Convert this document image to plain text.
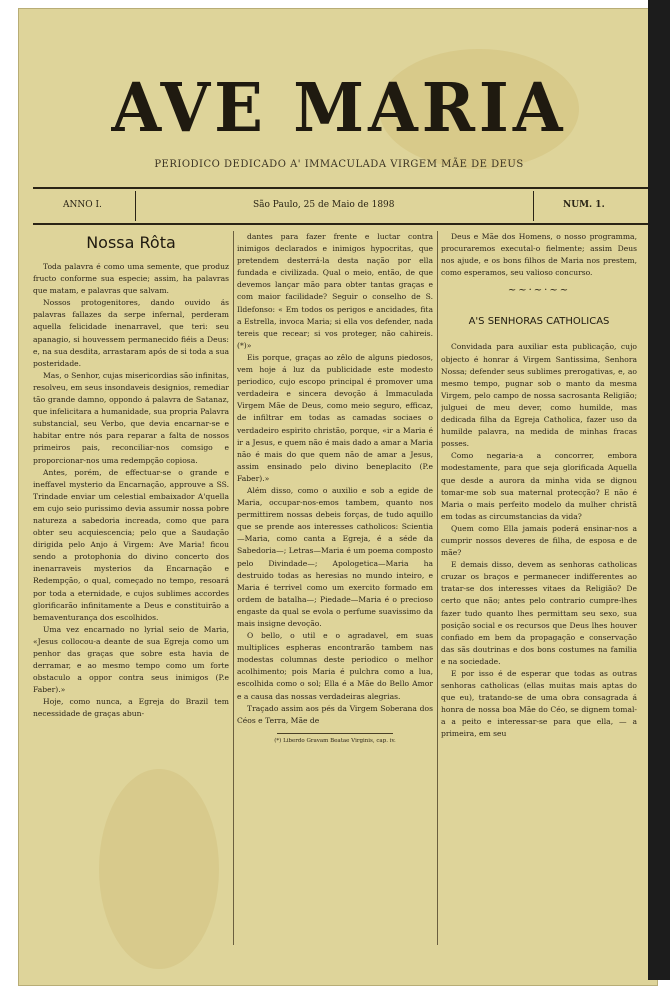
AVE MARIA
PERIODICO DEDICADO A' IMMACULADA VIRGEM MÃE DE DEUS
ANNO I.	São Paulo, 25 de Maio de 1898	NUM. 1.
Nossa Rôta

Toda palavra é como uma semente, que produz fructo conforme sua especie; assim, ha palavras que matam, e palavras que salvam.

Nossos protogenitores, dando ouvido ás palavras fallazes da serpe infernal, perderam aquella felicidade inenarravel, que teri: seu apanagio, si houvessem permanecido fiéis a Deus: e, na sua desdita, arrastaram após de si toda a sua posteridade.

Mas, o Senhor, cujas misericordias são infinitas, resolveu, em seus insondaveis designios, remediar tão grande damno, oppondo á palavra de Satanaz, que infelicitara a humanidade, sua propria Palavra substancial, seu Verbo, que devia encarnar-se e habitar entre nós para reparar a falta de nossos primeiros pais, reconciliar-nos comsigo e proporcionar-nos uma redempção copiosa.

Antes, porém, de effectuar-se o grande e ineffavel mysterio da Encarnação, approuve a SS. Trindade enviar um celestial embaixador A'quella em cujo seio purissimo devia assumir nossa pobre natureza a sabedoria increada, como que para obter seu acquiescencia; pelo que a Saudação dirigida pelo Anjo á Virgem: Ave Maria! ficou sendo a protophonia do divino concerto dos inenarraveis mysterios da Encarnação e Redempção, o qual, começado no tempo, resoará por toda a eternidade, e cujos sublimes accordes glorificarão infinitamente a Deus e constituirão a bemaventurança dos escolhidos.

Uma vez encarnado no lyrial seio de Maria, «Jesus collocou-a deante de sua Egreja como um penhor das graças que sobre esta havia de derramar, e ao mesmo tempo como um forte obstaculo a oppor contra seus inimigos (P.e Faber).»

Hoje, como nunca, a Egreja do Brazil tem necessidade de graças abun-

dantes para fazer frente e luctar contra inimigos declarados e inimigos hypocritas, que pretendem desterrá-la desta nação por ella fundada e civilizada. Qual o meio, então, de que devemos lançar mão para obter tantas graças e com maior facilidade? Seguir o conselho de S. Ildefonso: « Em todos os perigos e ancidades, fita a Estrella, invoca Maria; si ella vos defender, nada tereis que recear; si vos proteger, não cahireis. (*)»

Eis porque, graças ao zêlo de alguns piedosos, vem hoje á luz da publicidade este modesto periodico, cujo escopo principal é promover uma verdadeira e sincera devoção á Immaculada Virgem Mãe de Deus, como meio seguro, efficaz, de infiltrar em todas as camadas sociaes o verdadeiro espirito christão, porque, «ir a Maria é ir a Jesus, e quem não é mais dado a amar a Maria não é mais do que quem não de amar a Jesus, assim ensinado pelo divino beneplacito (P.e Faber).»

Além disso, como o auxilio e sob a egide de Maria, occupar-nos-emos tambem, quanto nos permittirem nossas debeis forças, de tudo aquillo que se prende aos interesses catholicos: Scientia—Maria, como canta a Egreja, é a séde da Sabedoria—; Letras—Maria é um poema composto pelo Divindade—; Apologetica—Maria ha destruido todas as heresias no mundo inteiro, e Maria é terrivel como um exercito formado em ordem de batalha—; Piedade—Maria é o precioso engaste da qual se evola o perfume suavissimo da mais insigne devoção.

O bello, o util e o agradavel, em suas multiplices espheras encontrarão tambem nas modestas columnas deste periodico o melhor acolhimento; pois Maria é pulchra como a lua, escolhida como o sol; Ella é a Mãe do Bello Amor e a causa das nossas verdadeiras alegrias.

Traçado assim aos pés da Virgem Soberana dos Céos e Terra, Mãe de

(*) Liberdo Gravam Beatae Virginis, cap. iv.

Deus e Mãe dos Homens, o nosso programma, procuraremos executal-o fielmente; assim Deus nos ajude, e os bons filhos de Maria nos prestem, como esperamos, seu valioso concurso.

~~·~·~~
A'S SENHORAS CATHOLICAS

Convidada para auxiliar esta publicação, cujo objecto é honrar á Virgem Santissima, Senhora Nossa; defender seus sublimes prerogativas, e, ao mesmo tempo, pugnar sob o manto da mesma Virgem, pelo campo de nossa sacrosanta Religião; julguei de meu dever, como humilde, mas dedicada filha da Egreja Catholica, fazer uso da humilde palavra, na medida de minhas fracas posses.

Como negaria-a a concorrer, embora modestamente, para que seja glorificada Aquella que desde a aurora da minha vida se dignou tomar-me sob sua maternal protecção? E não é Maria o mais perfeito modelo da mulher christã em todas as circumstancias da vida?

Quem como Ella jamais poderá ensinar-nos a cumprir nossos deveres de filha, de esposa e de mãe?

E demais disso, devem as senhoras catholicas cruzar os braços e permanecer indifferentes ao tratar-se dos interesses vitaes da Religião? De certo que não; antes pelo contrario cumpre-lhes fazer tudo quanto lhes permittam seu sexo, sua posição social e os recursos que Deus lhes houver confiado em bem da propagação e conservação das sãs doutrinas e dos bons costumes na familia e na sociedade.

E por isso é de esperar que todas as outras senhoras catholicas (ellas muitas mais aptas do que eu), tratando-se de uma obra consagrada á honra de nossa boa Mãe do Céo, se dignem tomal-a a peito e interessar-se para que ella, — a primeira, em seu
